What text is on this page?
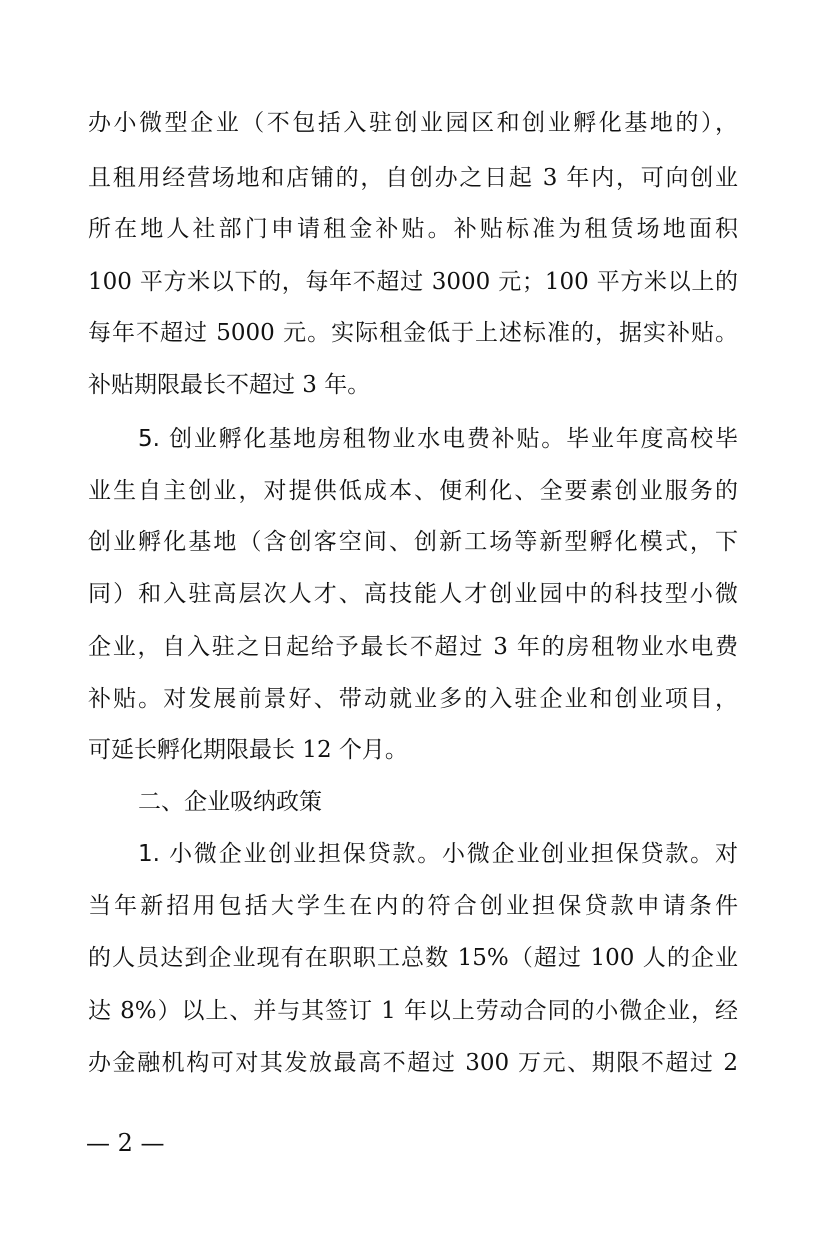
办小微型企业（不包括入驻创业园区和创业孵化基地的），
且租用经营场地和店铺的，自创办之日起 3 年内，可向创业
所在地人社部门申请租金补贴。补贴标准为租赁场地面积
100 平方米以下的，每年不超过 3000 元；100 平方米以上的
每年不超过 5000 元。实际租金低于上述标准的，据实补贴。
补贴期限最长不超过 3 年。
5. 创业孵化基地房租物业水电费补贴。毕业年度高校毕
业生自主创业，对提供低成本、便利化、全要素创业服务的
创业孵化基地（含创客空间、创新工场等新型孵化模式，下
同）和入驻高层次人才、高技能人才创业园中的科技型小微
企业，自入驻之日起给予最长不超过 3 年的房租物业水电费
补贴。对发展前景好、带动就业多的入驻企业和创业项目，
可延长孵化期限最长 12 个月。
二、企业吸纳政策
1. 小微企业创业担保贷款。小微企业创业担保贷款。对
当年新招用包括大学生在内的符合创业担保贷款申请条件
的人员达到企业现有在职职工总数 15%（超过 100 人的企业
达 8%）以上、并与其签订 1 年以上劳动合同的小微企业，经
办金融机构可对其发放最高不超过 300 万元、期限不超过 2
— 2 —
